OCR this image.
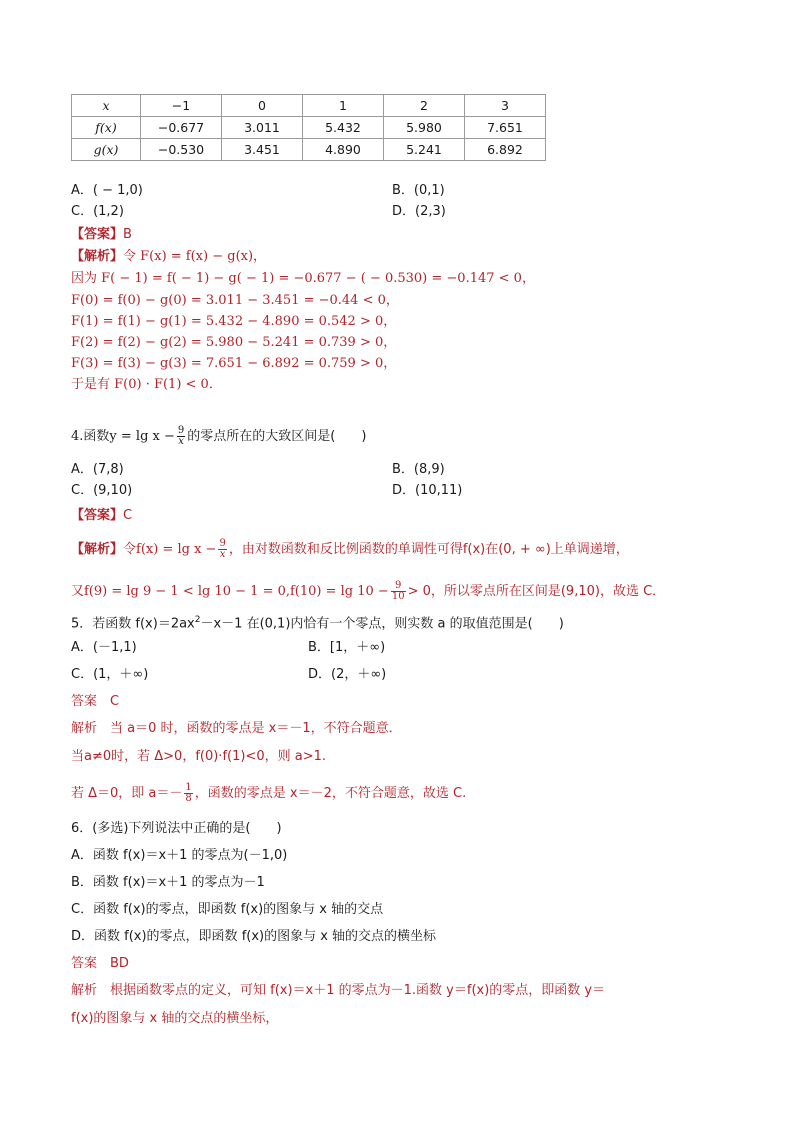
x	−1	0	1	2	3
f(x)	−0.677	3.011	5.432	5.980	7.651
g(x)	−0.530	3.451	4.890	5.241	6.892
A．( − 1,0)	B．(0,1)
C．(1,2)	D．(2,3)
【答案】B
【解析】令 F(x) = f(x) − g(x)，
因为 F( − 1) = f( − 1) − g( − 1) = −0.677 − ( − 0.530) = −0.147 < 0，
F(0) = f(0) − g(0) = 3.011 − 3.451 = −0.44 < 0，
F(1) = f(1) − g(1) = 5.432 − 4.890 = 0.542 > 0，
F(2) = f(2) − g(2) = 5.980 − 5.241 = 0.739 > 0，
F(3) = f(3) − g(3) = 7.651 − 6.892 = 0.759 > 0，
于是有 F(0) · F(1) < 0．
4.函数$y = \lg x - \frac{9}{x}$ 的零点所在的大致区间是(　　)
A．(7,8)	B．(8,9)
C．(9,10)	D．(10,11)
【答案】C
【解析】令$f(x) = \lg x - \frac{9}{x}$ ，由对数函数和反比例函数的单调性可得f(x)在(0, + ∞)上单调递增，
又$f(9) = \lg 9 - 1 < \lg 10 - 1 = 0,f(10) = \lg 10 - \frac{9}{10} > 0$，所以零点所在区间是(9,10)，故选 C．
5．若函数 $f(x)=2ax^2-x-1$ 在(0,1)内恰有一个零点，则实数 a 的取值范围是(　　)
A．(－1,1)	B．[1，＋∞)
C．(1，＋∞)	D．(2，＋∞)
答案　C
解析　当 a＝0 时，函数的零点是 x＝－1，不符合题意．
当a≠0时，若 Δ>0，f(0)·f(1)<0，则 a>1.
若 Δ＝0，即 $a=- \frac{1}{8}$ ，函数的零点是 x＝－2，不符合题意，故选 C.
6．(多选)下列说法中正确的是(　　)
A．函数 f(x)＝x＋1 的零点为(－1,0)
B．函数 f(x)＝x＋1 的零点为－1
C．函数 f(x)的零点，即函数 f(x)的图象与 x 轴的交点
D．函数 f(x)的零点，即函数 f(x)的图象与 x 轴的交点的横坐标
答案　BD
解析　根据函数零点的定义，可知 f(x)＝x＋1 的零点为－1.函数 y＝f(x)的零点，即函数 y＝
f(x)的图象与 x 轴的交点的横坐标，
